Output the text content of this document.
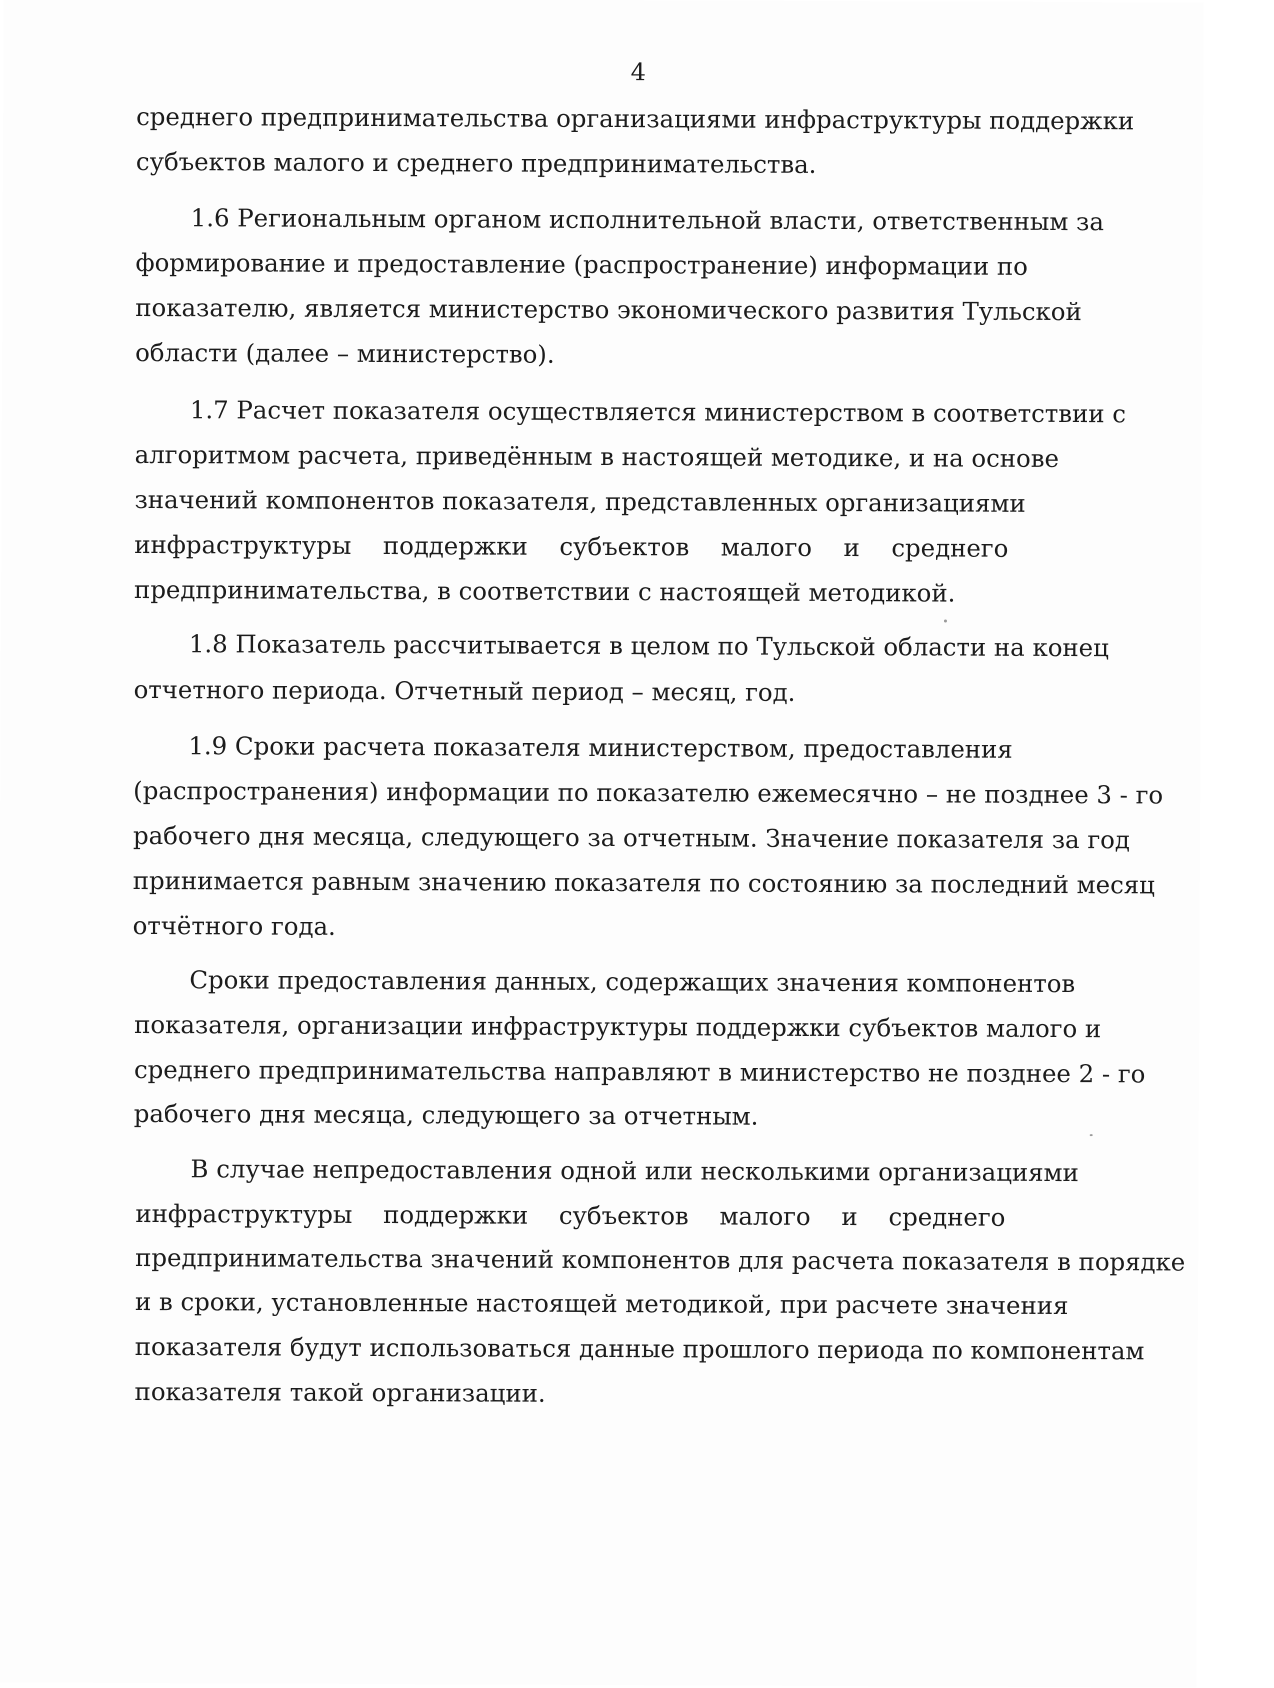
4
среднего предпринимательства организациями инфраструктуры поддержки
субъектов малого и среднего предпринимательства.
1.6 Региональным органом исполнительной власти, ответственным за
формирование и предоставление (распространение) информации по
показателю, является министерство экономического развития Тульской
области (далее – министерство).
1.7 Расчет показателя осуществляется министерством в соответствии с
алгоритмом расчета, приведённым в настоящей методике, и на основе
значений компонентов показателя, представленных организациями
инфраструктуры поддержки субъектов малого и среднего
предпринимательства, в соответствии с настоящей методикой.
1.8 Показатель рассчитывается в целом по Тульской области на конец
отчетного периода. Отчетный период – месяц, год.
1.9 Сроки расчета показателя министерством, предоставления
(распространения) информации по показателю ежемесячно – не позднее 3 - го
рабочего дня месяца, следующего за отчетным. Значение показателя за год
принимается равным значению показателя по состоянию за последний месяц
отчётного года.
Сроки предоставления данных, содержащих значения компонентов
показателя, организации инфраструктуры поддержки субъектов малого и
среднего предпринимательства направляют в министерство не позднее 2 - го
рабочего дня месяца, следующего за отчетным.
В случае непредоставления одной или несколькими организациями
инфраструктуры поддержки субъектов малого и среднего
предпринимательства значений компонентов для расчета показателя в порядке
и в сроки, установленные настоящей методикой, при расчете значения
показателя будут использоваться данные прошлого периода по компонентам
показателя такой организации.
